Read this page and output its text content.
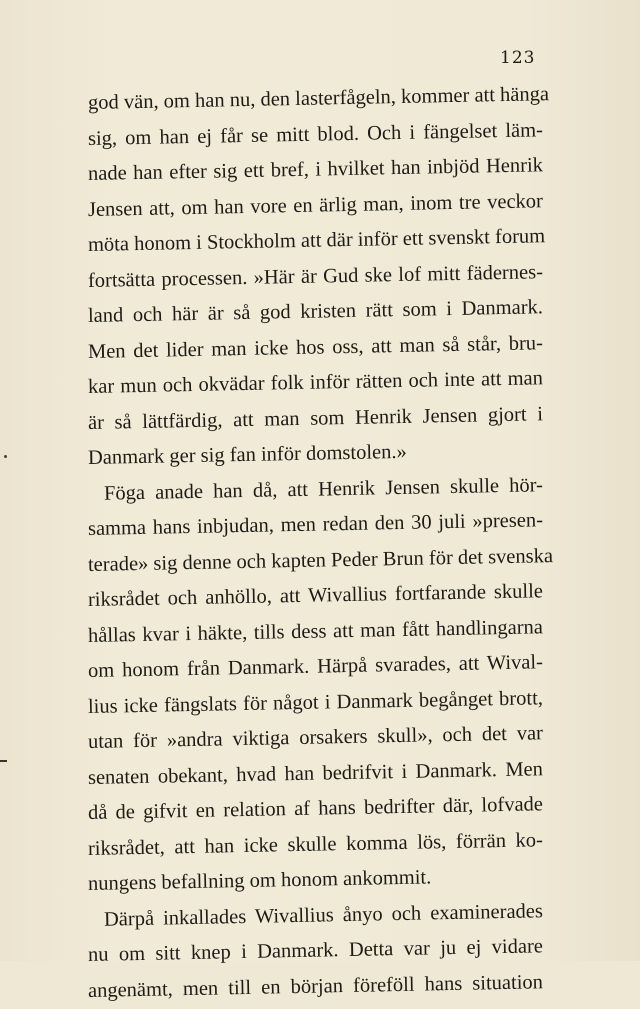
123
god vän, om han nu, den lasterfågeln, kommer att hänga
sig, om han ej får se mitt blod. Och i fängelset läm-
nade han efter sig ett bref, i hvilket han inbjöd Henrik
Jensen att, om han vore en ärlig man, inom tre veckor
möta honom i Stockholm att där inför ett svenskt forum
fortsätta processen. »Här är Gud ske lof mitt fädernes-
land och här är så god kristen rätt som i Danmark.
Men det lider man icke hos oss, att man så står, bru-
kar mun och okvädar folk inför rätten och inte att man
är så lättfärdig, att man som Henrik Jensen gjort i
Danmark ger sig fan inför domstolen.»
Föga anade han då, att Henrik Jensen skulle hör-
samma hans inbjudan, men redan den 30 juli »presen-
terade» sig denne och kapten Peder Brun för det svenska
riksrådet och anhöllo, att Wivallius fortfarande skulle
hållas kvar i häkte, tills dess att man fått handlingarna
om honom från Danmark. Härpå svarades, att Wival-
lius icke fängslats för något i Danmark begånget brott,
utan för »andra viktiga orsakers skull», och det var
senaten obekant, hvad han bedrifvit i Danmark. Men
då de gifvit en relation af hans bedrifter där, lofvade
riksrådet, att han icke skulle komma lös, förrän ko-
nungens befallning om honom ankommit.
Därpå inkallades Wivallius ånyo och examinerades
nu om sitt knep i Danmark. Detta var ju ej vidare
angenämt, men till en början föreföll hans situation
